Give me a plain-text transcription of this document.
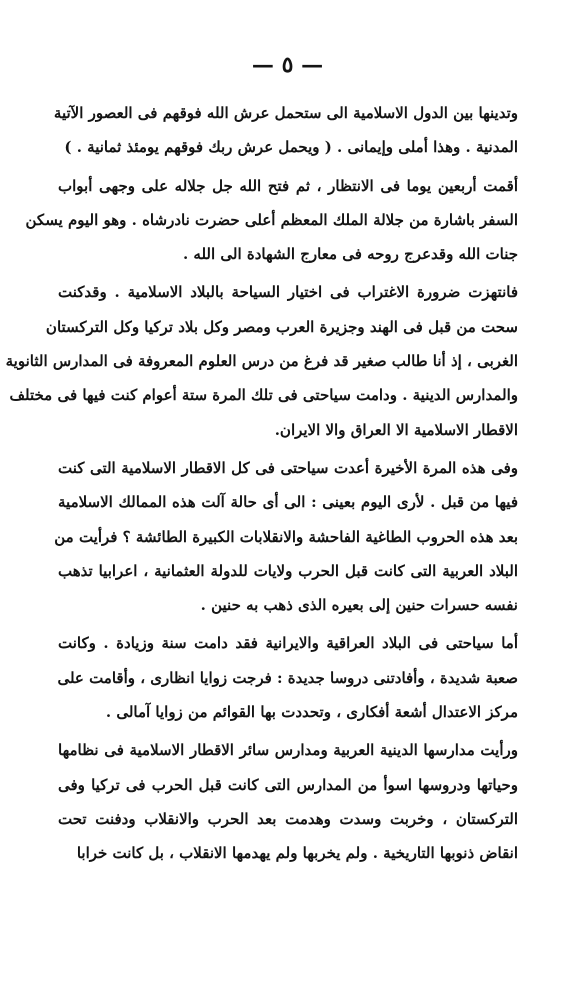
— ٥ —
وتدينها بين الدول الاسلامية الى ستحمل عرش الله فوقهم فى العصور الآتية
المدنية . وهذا أملى وإيمانى . ( ويحمل عرش ربك فوقهم يومئذ ثمانية . )
أقمت أربعين يوما فى الانتظار ، ثم فتح الله جل جلاله على وجهى أبواب
السفر باشارة من جلالة الملك المعظم أعلى حضرت نادرشاه . وهو اليوم يسكن
جنات الله وقدعرج روحه فى معارج الشهادة الى الله .
فانتهزت ضرورة الاغتراب فى اختيار السياحة بالبلاد الاسلامية . وقدكنت
سحت من قبل فى الهند وجزيرة العرب ومصر وكل بلاد تركيا وكل التركستان
الغربى ، إذ أنا طالب صغير قد فرغ من درس العلوم المعروفة فى المدارس الثانوية
والمدارس الدينية . ودامت سياحتى فى تلك المرة ستة أعوام كنت فيها فى مختلف
الاقطار الاسلامية الا العراق والا الايران.
وفى هذه المرة الأخيرة أعدت سياحتى فى كل الاقطار الاسلامية التى كنت
فيها من قبل . لأرى اليوم بعينى : الى أى حالة آلت هذه الممالك الاسلامية
بعد هذه الحروب الطاغية الفاحشة والانقلابات الكبيرة الطائشة ؟ فرأيت من
البلاد العربية التى كانت قبل الحرب ولايات للدولة العثمانية ، اعرابيا تذهب
نفسه حسرات حنين إلى بعيره الذى ذهب به حنين .
أما سياحتى فى البلاد العراقية والايرانية فقد دامت سنة وزيادة . وكانت
صعبة شديدة ، وأفادتنى دروسا جديدة : فرجت زوايا انظارى ، وأقامت على
مركز الاعتدال أشعة أفكارى ، وتحددت بها القوائم من زوايا آمالى .
ورأيت مدارسها الدينية العربية ومدارس سائر الاقطار الاسلامية فى نظامها
وحياتها ودروسها اسوأ من المدارس التى كانت قبل الحرب فى تركيا وفى
التركستان ، وخربت وسدت وهدمت بعد الحرب والانقلاب ودفنت تحت
انقاض ذنوبها التاريخية . ولم يخربها ولم يهدمها الانقلاب ، بل كانت خرابا
